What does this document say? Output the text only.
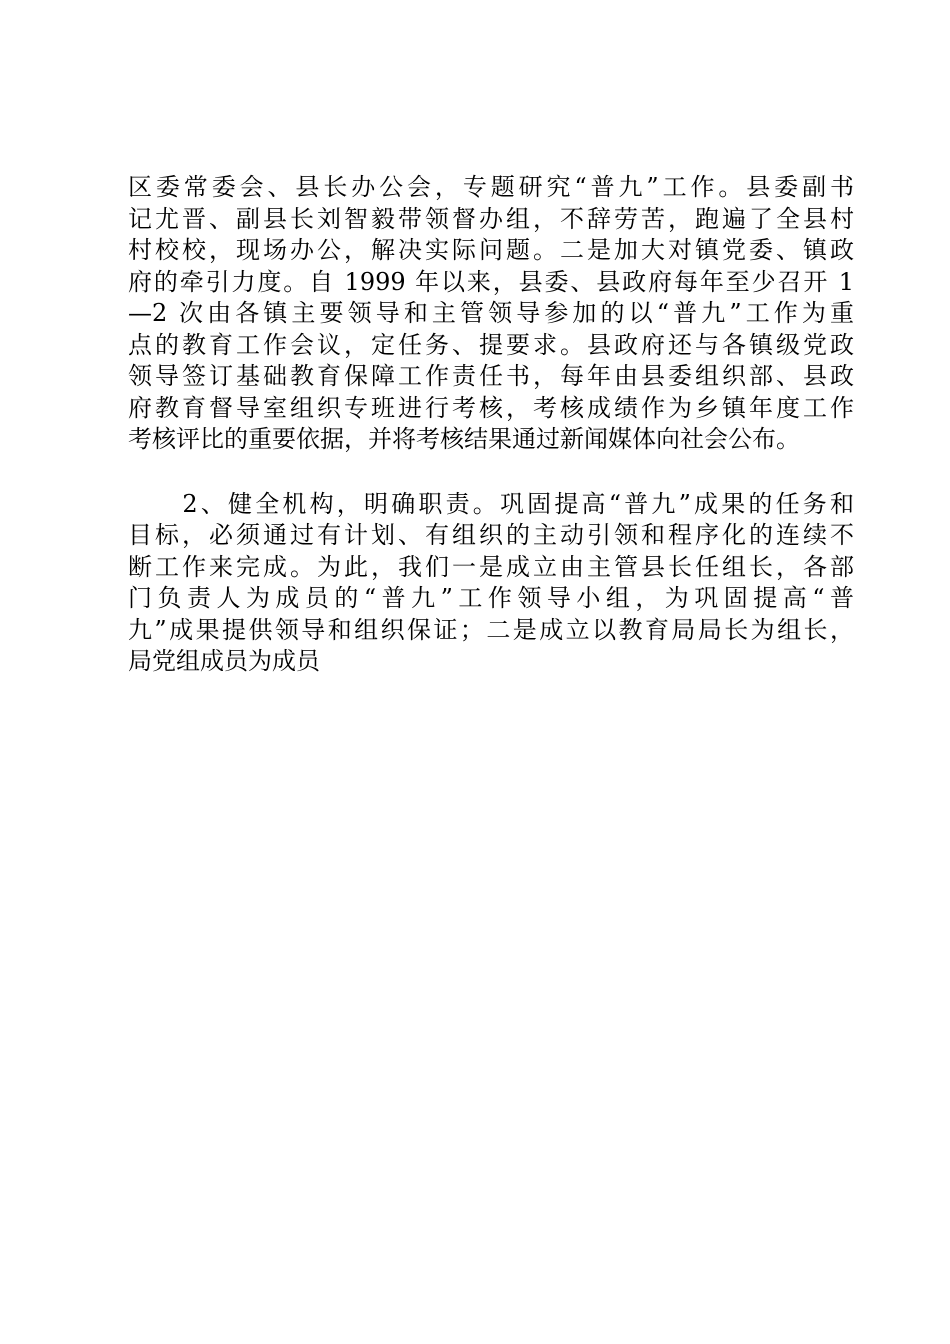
区委常委会、县长办公会，专题研究“普九”工作。县委副书
记尤晋、副县长刘智毅带领督办组，不辞劳苦，跑遍了全县村
村校校，现场办公，解决实际问题。二是加大对镇党委、镇政
府的牵引力度。自 1999 年以来，县委、县政府每年至少召开 1
—2 次由各镇主要领导和主管领导参加的以“普九”工作为重
点的教育工作会议，定任务、提要求。县政府还与各镇级党政
领导签订基础教育保障工作责任书，每年由县委组织部、县政
府教育督导室组织专班进行考核，考核成绩作为乡镇年度工作
考核评比的重要依据，并将考核结果通过新闻媒体向社会公布。
　　2、健全机构，明确职责。巩固提高“普九”成果的任务和
目标，必须通过有计划、有组织的主动引领和程序化的连续不
断工作来完成。为此，我们一是成立由主管县长任组长，各部
门负责人为成员的“普九”工作领导小组，为巩固提高“普
九”成果提供领导和组织保证；二是成立以教育局局长为组长，
局党组成员为成员
